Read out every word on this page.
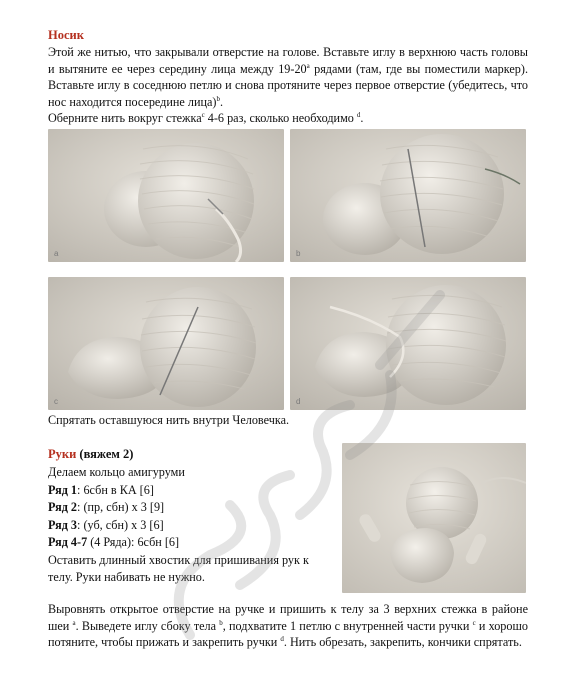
Носик

Этой же нитью, что закрывали отверстие на голове. Вставьте иглу в верхнюю часть головы и вытяните ее через середину лица между 19-20$^a$ рядами (там, где вы поместили маркер). Вставьте иглу в соседнюю петлю и снова протяните через первое отверстие (убедитесь, что нос находится посередине лица)$^b$.

Оберните нить вокруг стежка$^c$ 4-6 раз, сколько необходимо $^d$.

a	b
c	d
Спрятать оставшуюся нить внутри Человечка.
Руки (вяжем 2)

Делаем кольцо амигуруми

Ряд 1: 6сбн в КА [6]

Ряд 2: (пр, сбн) х 3 [9]

Ряд 3: (уб, сбн) х 3 [6]

Ряд 4-7 (4 Ряда): 6сбн [6]

Оставить длинный хвостик для пришивания рук к

телу. Руки набивать не нужно.

Выровнять открытое отверстие на ручке и пришить к телу за 3 верхних стежка в районе шеи $^a$. Выведете иглу сбоку тела $^b$, подхватите 1 петлю с внутренней части ручки $^c$ и хорошо потяните, чтобы прижать и закрепить ручки $^d$. Нить обрезать, закрепить, кончики спрятать.
